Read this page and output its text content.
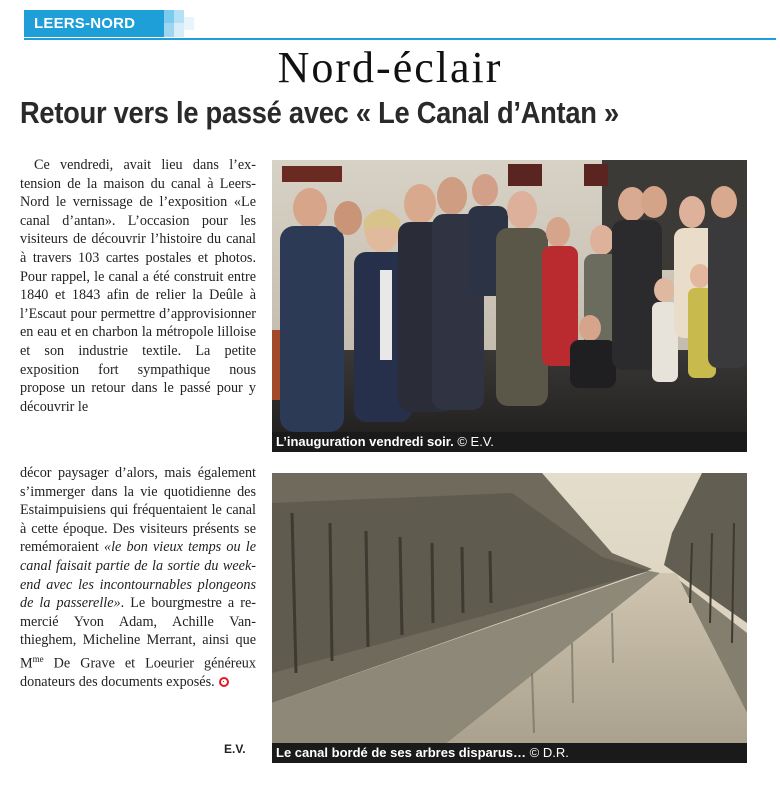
LEERS-NORD
Nord-éclair
Retour vers le passé avec « Le Canal d’Antan »
Ce vendredi, avait lieu dans l’extension de la maison du canal à Leers-Nord le vernissage de l’exposition «Le canal d’antan». L’occasion pour les visiteurs de découvrir l’histoire du canal à travers 103 cartes postales et photos. Pour rappel, le canal a été construit entre 1840 et 1843 afin de relier la Deûle à l’Escaut pour permettre d’approvisionner en eau et en charbon la métropole lilloise et son industrie textile. La petite exposition fort sympathique nous propose un retour dans le passé pour y découvrir le
décor paysager d’alors, mais également s’immerger dans la vie quotidienne des Estaimpuisiens qui fréquentaient le canal à cette époque. Des visiteurs présents se remémoraient «le bon vieux temps ou le canal faisait partie de la sortie du week-end avec les incontournables plongeons de la passerelle». Le bourgmestre a remercié Yvon Adam, Achille Vanthieghem, Micheline Merrant, ainsi que $M^{me}$ De Grave et Loeurier généreux donateurs des documents exposés.
E.V.
L’inauguration vendredi soir. © E.V.
Le canal bordé de ses arbres disparus… © D.R.
